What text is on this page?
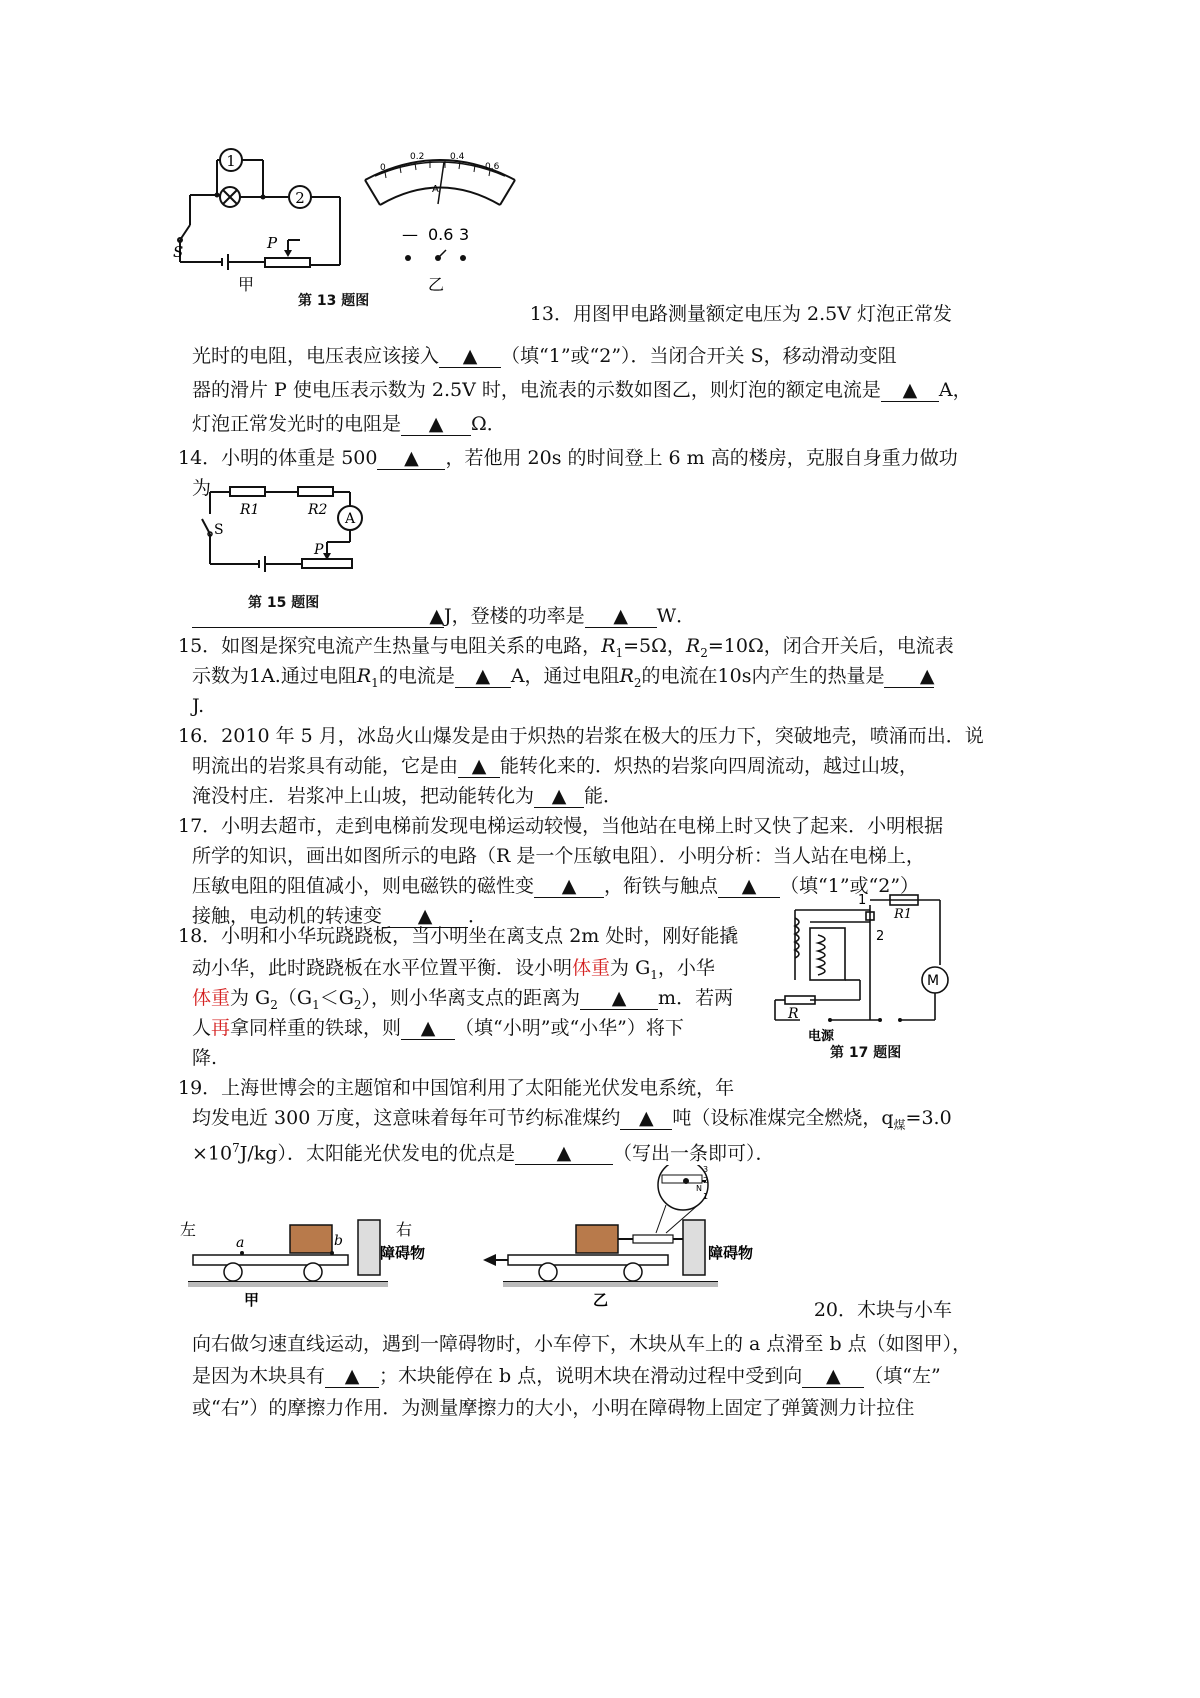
1
2
S	P
甲
0
0.2	0.4
0.6
A
— 0.6 3
乙
第 13 题图
13．用图甲电路测量额定电压为 2.5V 灯泡正常发
光时的电阻，电压表应该接入 ▲ （填“1”或“2”）．当闭合开关 S，移动滑动变阻
器的滑片 P 使电压表示数为 2.5V 时，电流表的示数如图乙，则灯泡的额定电流是 ▲ A，
灯泡正常发光时的电阻是 ▲ Ω．
14．小明的体重是 500 ▲ ，若他用 20s 的时间登上 6 m 高的楼房，克服自身重力做功
为
R1	R2
A
S
P
第 15 题图
▲J，登楼的功率是 ▲ W．
15．如图是探究电流产生热量与电阻关系的电路，$R_1=5\Omega$，$R_2=10\Omega$，闭合开关后，电流表
示数为1A.通过电阻$R_1$的电流是 ▲ A，通过电阻$R_2$的电流在10s内产生的热量是 ▲
J.
16．2010 年 5 月，冰岛火山爆发是由于炽热的岩浆在极大的压力下，突破地壳，喷涌而出．说
明流出的岩浆具有动能，它是由 ▲ 能转化来的．炽热的岩浆向四周流动，越过山坡，
淹没村庄．岩浆冲上山坡，把动能转化为 ▲ 能．
17．小明去超市，走到电梯前发现电梯运动较慢，当他站在电梯上时又快了起来．小明根据
所学的知识，画出如图所示的电路（R 是一个压敏电阻）．小明分析：当人站在电梯上，
压敏电阻的阻值减小，则电磁铁的磁性变 ▲ ，衔铁与触点 ▲ （填“1”或“2”）
接触，电动机的转速变 ▲ ．
1
2
R1
M
R
电源
第 17 题图
18．小明和小华玩跷跷板，当小明坐在离支点 2m 处时，刚好能撬
动小华，此时跷跷板在水平位置平衡．设小明体重为 $G_1$，小华
体重为 $G_2(G_1<G_2)$，则小华离支点的距离为 ▲ m．若两
人再拿同样重的铁球，则 ▲ （填“小明”或“小华”）将下
降.
19．上海世博会的主题馆和中国馆利用了太阳能光伏发电系统，年
均发电近 300 万度，这意味着每年可节约标准煤约 ▲ 吨（设标准煤完全燃烧，$q_煤=3.0$
$\times 10^7J/kg$）．太阳能光伏发电的优点是 ▲ （写出一条即可）．
左	右
a	b
障碍物
甲
障碍物
乙
3
2
N
1
20．木块与小车
向右做匀速直线运动，遇到一障碍物时，小车停下，木块从车上的 a 点滑至 b 点（如图甲），
是因为木块具有 ▲ ；木块能停在 b 点，说明木块在滑动过程中受到向 ▲ （填“左”
或“右”）的摩擦力作用．为测量摩擦力的大小，小明在障碍物上固定了弹簧测力计拉住
